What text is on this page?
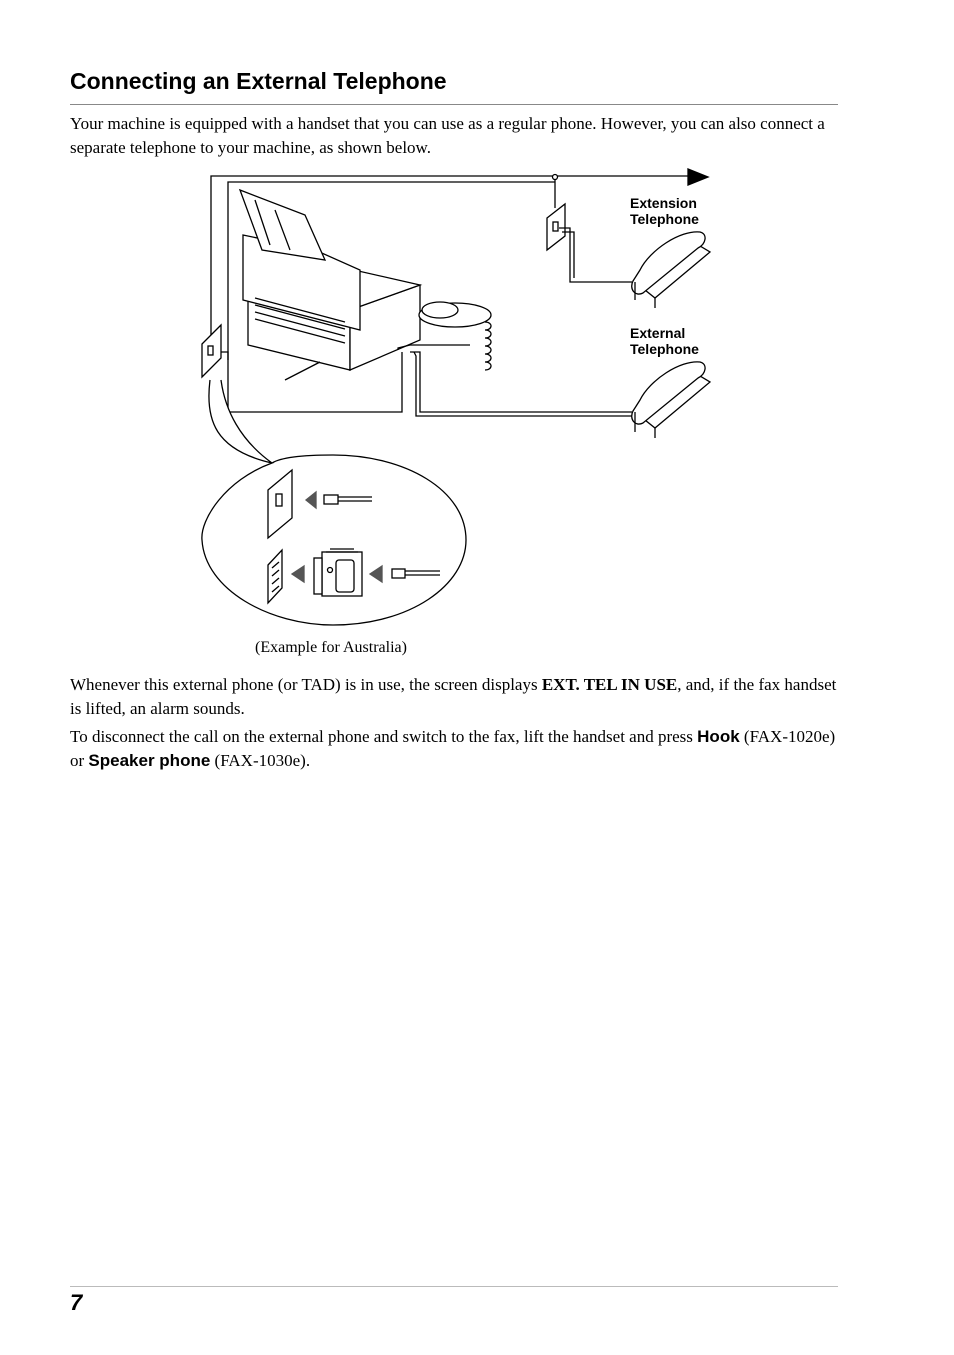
Connecting an External Telephone

Your machine is equipped with a handset that you can use as a regular phone. However, you can also connect a separate telephone to your machine, as shown below.

Extension
Telephone
External
Telephone
(Example for Australia)

Whenever this external phone (or TAD) is in use, the screen displays EXT. TEL IN USE, and, if the fax handset is lifted, an alarm sounds.

To disconnect the call on the external phone and switch to the fax, lift the handset and press Hook (FAX-1020e) or Speaker phone (FAX-1030e).

7
